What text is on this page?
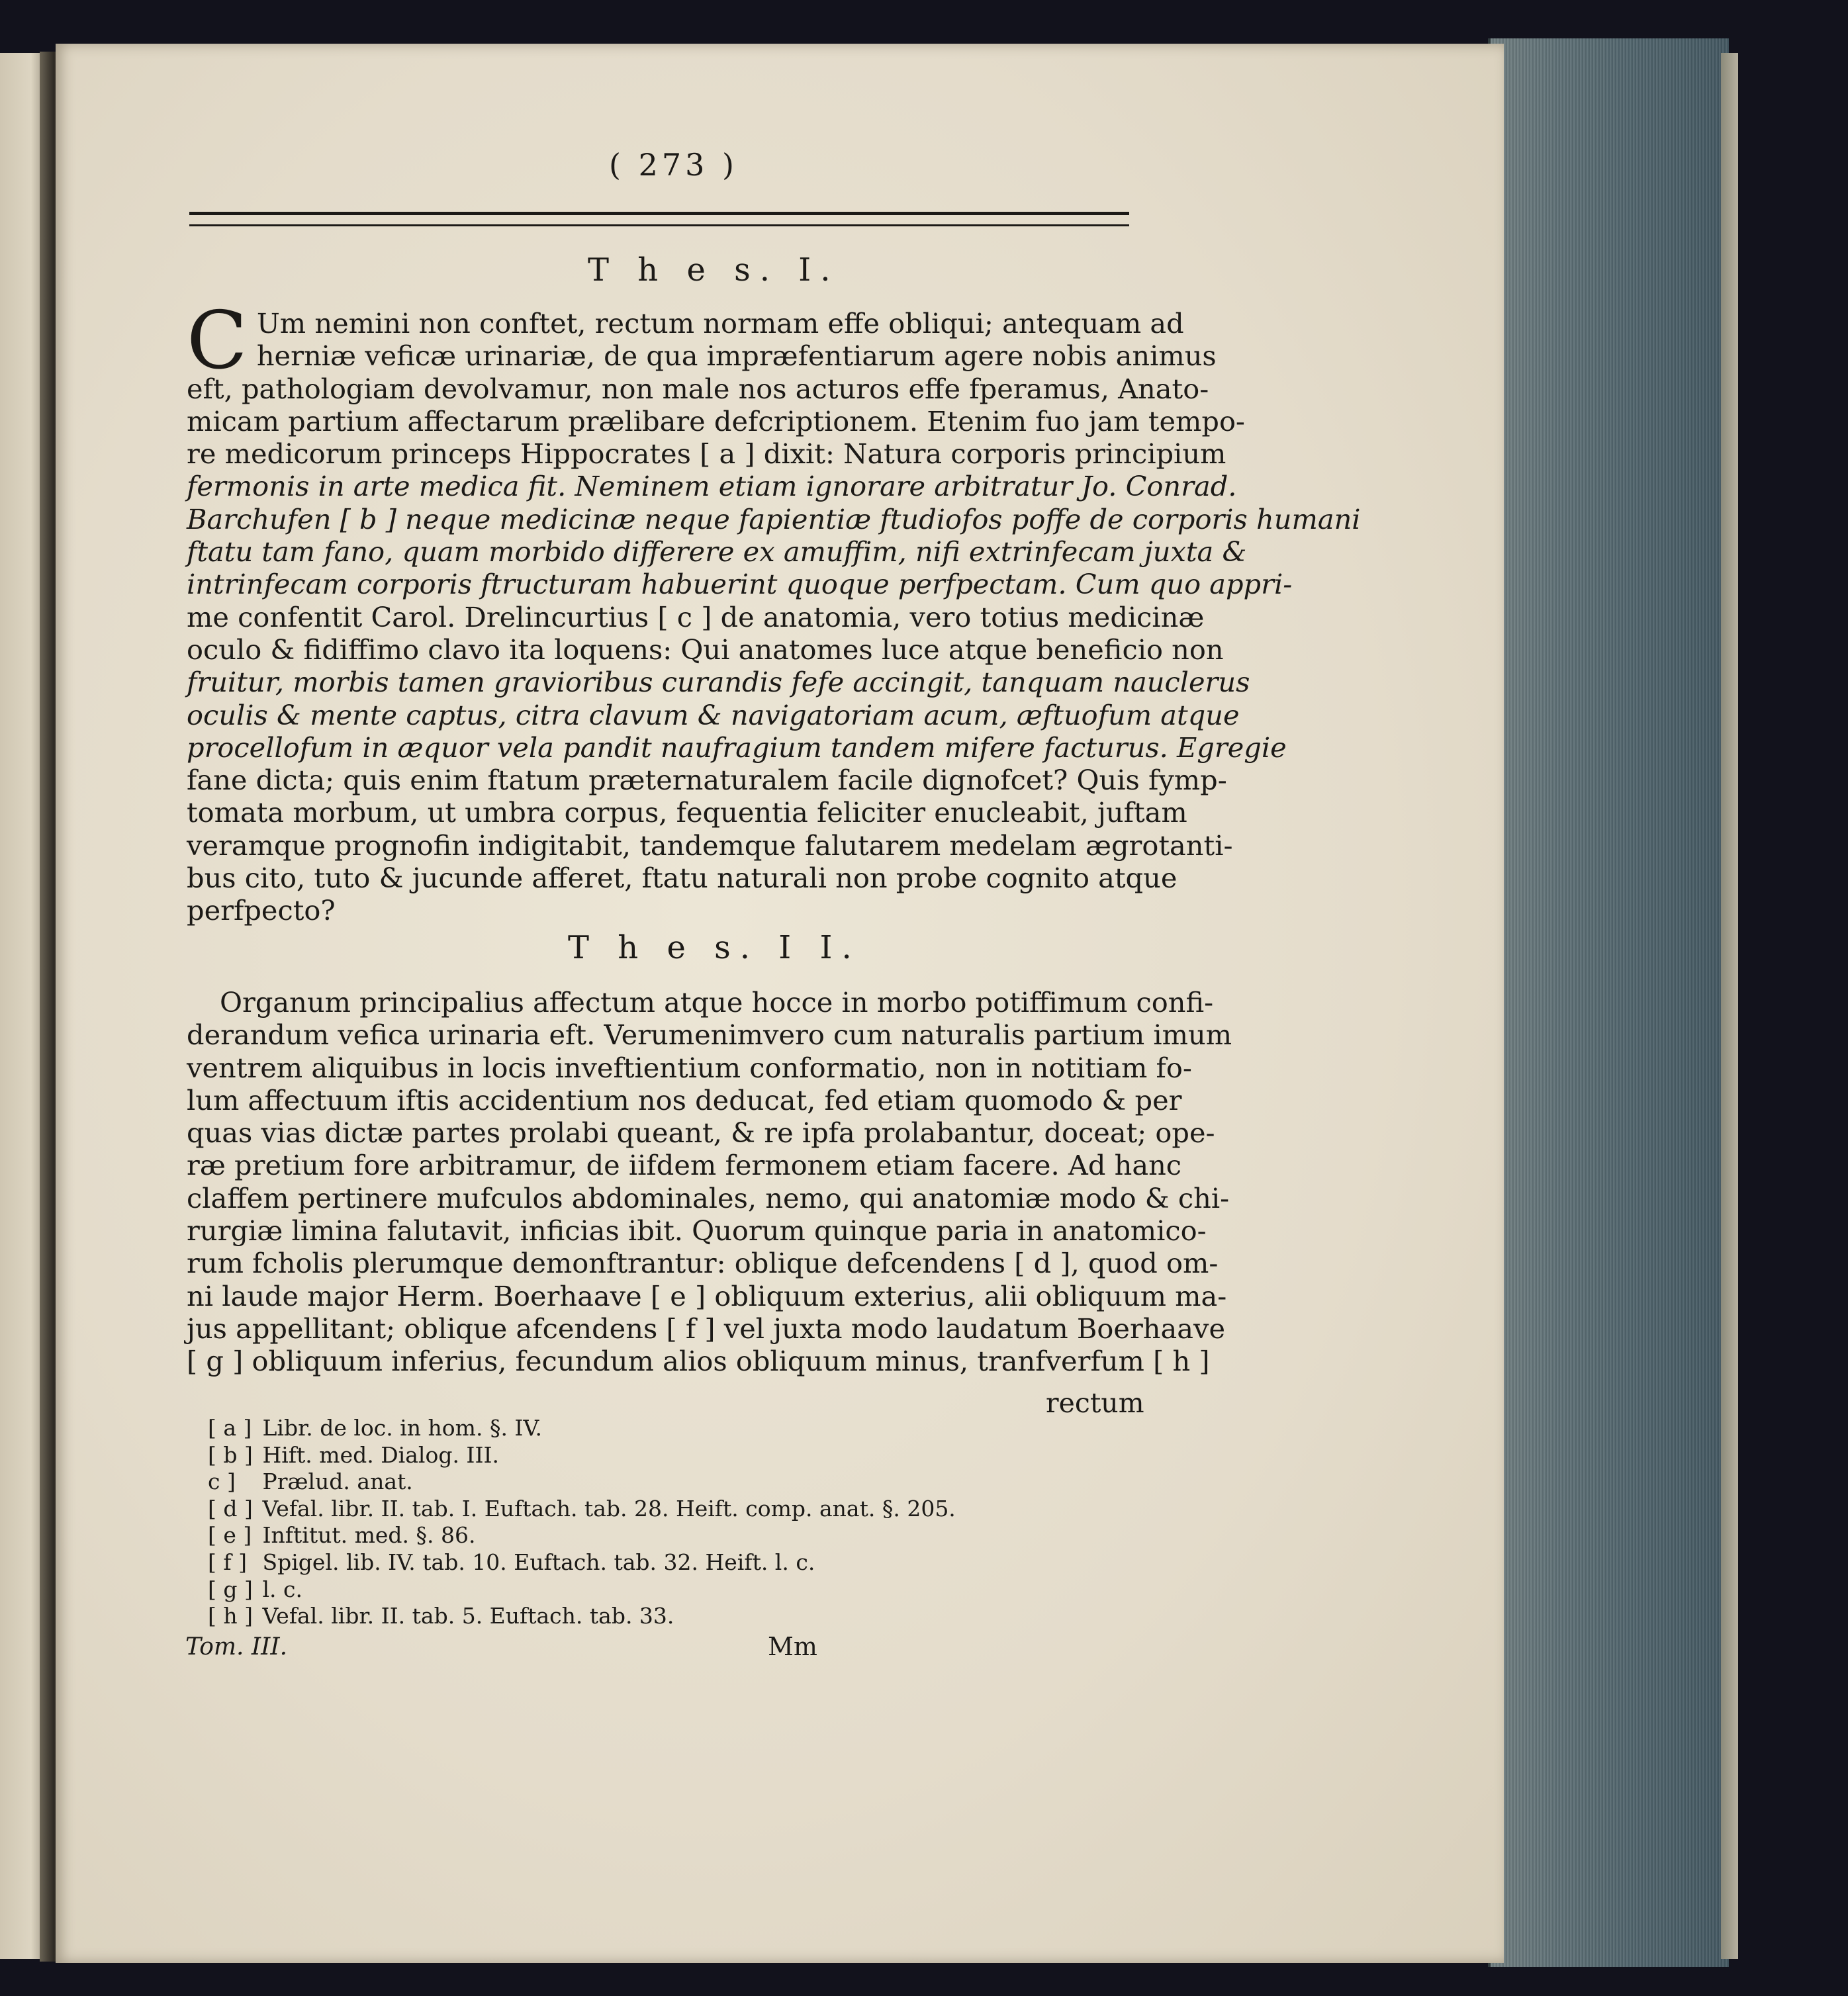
( 273 )
T h e s. I.
C Um nemini non conftet, rectum normam effe obliqui; antequam ad
herniæ veficæ urinariæ, de qua impræfentiarum agere nobis animus
eft, pathologiam devolvamur, non male nos acturos effe fperamus, Anato-
micam partium affectarum prælibare defcriptionem. Etenim fuo jam tempo-
re medicorum princeps Hippocrates [ a ] dixit: Natura corporis principium
fermonis in arte medica fit. Neminem etiam ignorare arbitratur Jo. Conrad.
Barchufen [ b ] neque medicinæ neque fapientiæ ftudiofos poffe de corporis humani
ftatu tam fano, quam morbido differere ex amuffim, nifi extrinfecam juxta &
intrinfecam corporis ftructuram habuerint quoque perfpectam. Cum quo appri-
me confentit Carol. Drelincurtius [ c ] de anatomia, vero totius medicinæ
oculo & fidiffimo clavo ita loquens: Qui anatomes luce atque beneficio non
fruitur, morbis tamen gravioribus curandis fefe accingit, tanquam nauclerus
oculis & mente captus, citra clavum & navigatoriam acum, æftuofum atque
procellofum in æquor vela pandit naufragium tandem mifere facturus. Egregie
fane dicta; quis enim ftatum præternaturalem facile dignofcet? Quis fymp-
tomata morbum, ut umbra corpus, fequentia feliciter enucleabit, juftam
veramque prognofin indigitabit, tandemque falutarem medelam ægrotanti-
bus cito, tuto & jucunde afferet, ftatu naturali non probe cognito atque
perfpecto?
T h e s. I I.
Organum principalius affectum atque hocce in morbo potiffimum confi-
derandum vefica urinaria eft. Verumenimvero cum naturalis partium imum
ventrem aliquibus in locis inveftientium conformatio, non in notitiam fo-
lum affectuum iftis accidentium nos deducat, fed etiam quomodo & per
quas vias dictæ partes prolabi queant, & re ipfa prolabantur, doceat; ope-
ræ pretium fore arbitramur, de iifdem fermonem etiam facere. Ad hanc
claffem pertinere mufculos abdominales, nemo, qui anatomiæ modo & chi-
rurgiæ limina falutavit, inficias ibit. Quorum quinque paria in anatomico-
rum fcholis plerumque demonftrantur: oblique defcendens [ d ], quod om-
ni laude major Herm. Boerhaave [ e ] obliquum exterius, alii obliquum ma-
jus appellitant; oblique afcendens [ f ] vel juxta modo laudatum Boerhaave
[ g ] obliquum inferius, fecundum alios obliquum minus, tranfverfum [ h ]
rectum
[ a ] Libr. de loc. in hom. §. IV.
[ b ] Hift. med. Dialog. III.
c ] Prælud. anat.
[ d ] Vefal. libr. II. tab. I. Euftach. tab. 28. Heift. comp. anat. §. 205.
[ e ] Inftitut. med. §. 86.
[ f ] Spigel. lib. IV. tab. 10. Euftach. tab. 32. Heift. l. c.
[ g ] l. c.
[ h ] Vefal. libr. II. tab. 5. Euftach. tab. 33.
Tom. III.	Mm
